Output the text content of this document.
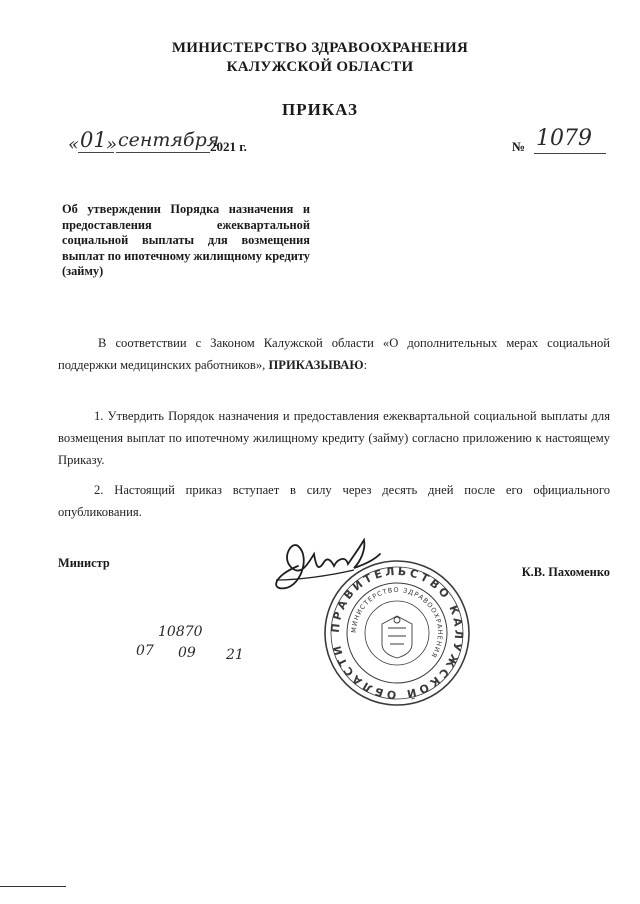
МИНИСТЕРСТВО ЗДРАВООХРАНЕНИЯ
КАЛУЖСКОЙ ОБЛАСТИ
ПРИКАЗ
« 01 » сентября
2021 г.	№ 1079
Об утверждении Порядка назначения и предоставления ежеквартальной социальной выплаты для возмещения выплат по ипотечному жилищному кредиту (займу)
В соответствии с Законом Калужской области «О дополнительных мерах социальной поддержки медицинских работников», ПРИКАЗЫВАЮ:
1. Утвердить Порядок назначения и предоставления ежеквартальной социальной выплаты для возмещения выплат по ипотечному жилищному кредиту (займу) согласно приложению к настоящему Приказу.
2. Настоящий приказ вступает в силу через десять дней после его официального опубликования.
Министр
К.В. Пахоменко
ПРАВИТЕЛЬСТВО КАЛУЖСКОЙ ОБЛАСТИ
МИНИСТЕРСТВО ЗДРАВООХРАНЕНИЯ
10870
07 09 21
